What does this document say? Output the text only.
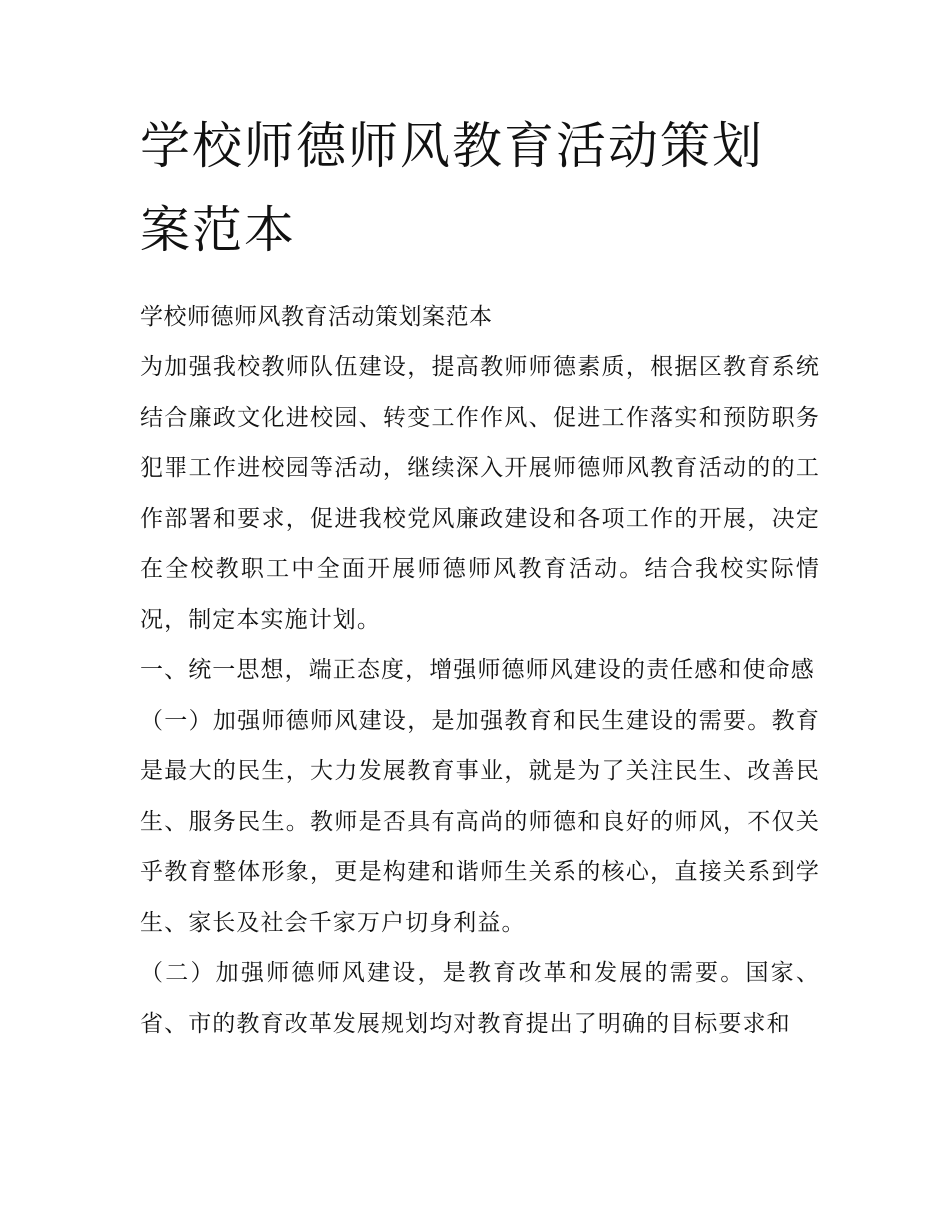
学校师德师风教育活动策划案范本

学校师德师风教育活动策划案范本

为加强我校教师队伍建设，提高教师师德素质，根据区教育系统结合廉政文化进校园、转变工作作风、促进工作落实和预防职务犯罪工作进校园等活动，继续深入开展师德师风教育活动的的工作部署和要求，促进我校党风廉政建设和各项工作的开展，决定在全校教职工中全面开展师德师风教育活动。结合我校实际情况，制定本实施计划。

一、统一思想，端正态度，增强师德师风建设的责任感和使命感

（一）加强师德师风建设，是加强教育和民生建设的需要。教育是最大的民生，大力发展教育事业，就是为了关注民生、改善民生、服务民生。教师是否具有高尚的师德和良好的师风，不仅关乎教育整体形象，更是构建和谐师生关系的核心，直接关系到学生、家长及社会千家万户切身利益。

（二）加强师德师风建设，是教育改革和发展的需要。国家、省、市的教育改革发展规划均对教育提出了明确的目标要求和
